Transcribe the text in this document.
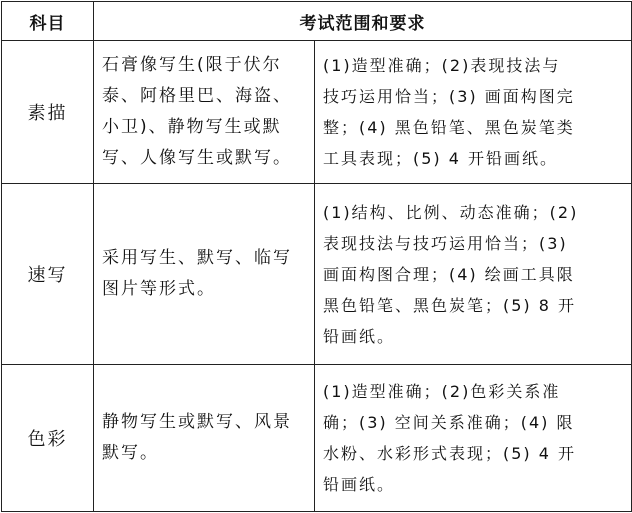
科目	考试范围和要求	
素描	石膏像写生(限于伏尔
泰、阿格里巴、海盗、
小卫)、静物写生或默
写、人像写生或默写。	(1)造型准确；(2)表现技法与
技巧运用恰当；(3) 画面构图完
整；(4) 黑色铅笔、黑色炭笔类
工具表现；(5) 4 开铅画纸。

速写	采用写生、默写、临写
图片等形式。	(1)结构、比例、动态准确；(2)
表现技法与技巧运用恰当；(3)
画面构图合理；(4) 绘画工具限
黑色铅笔、黑色炭笔；(5) 8 开
铅画纸。

色彩	静物写生或默写、风景
默写。	(1)造型准确；(2)色彩关系准
确；(3) 空间关系准确；(4) 限
水粉、水彩形式表现；(5) 4 开
铅画纸。
